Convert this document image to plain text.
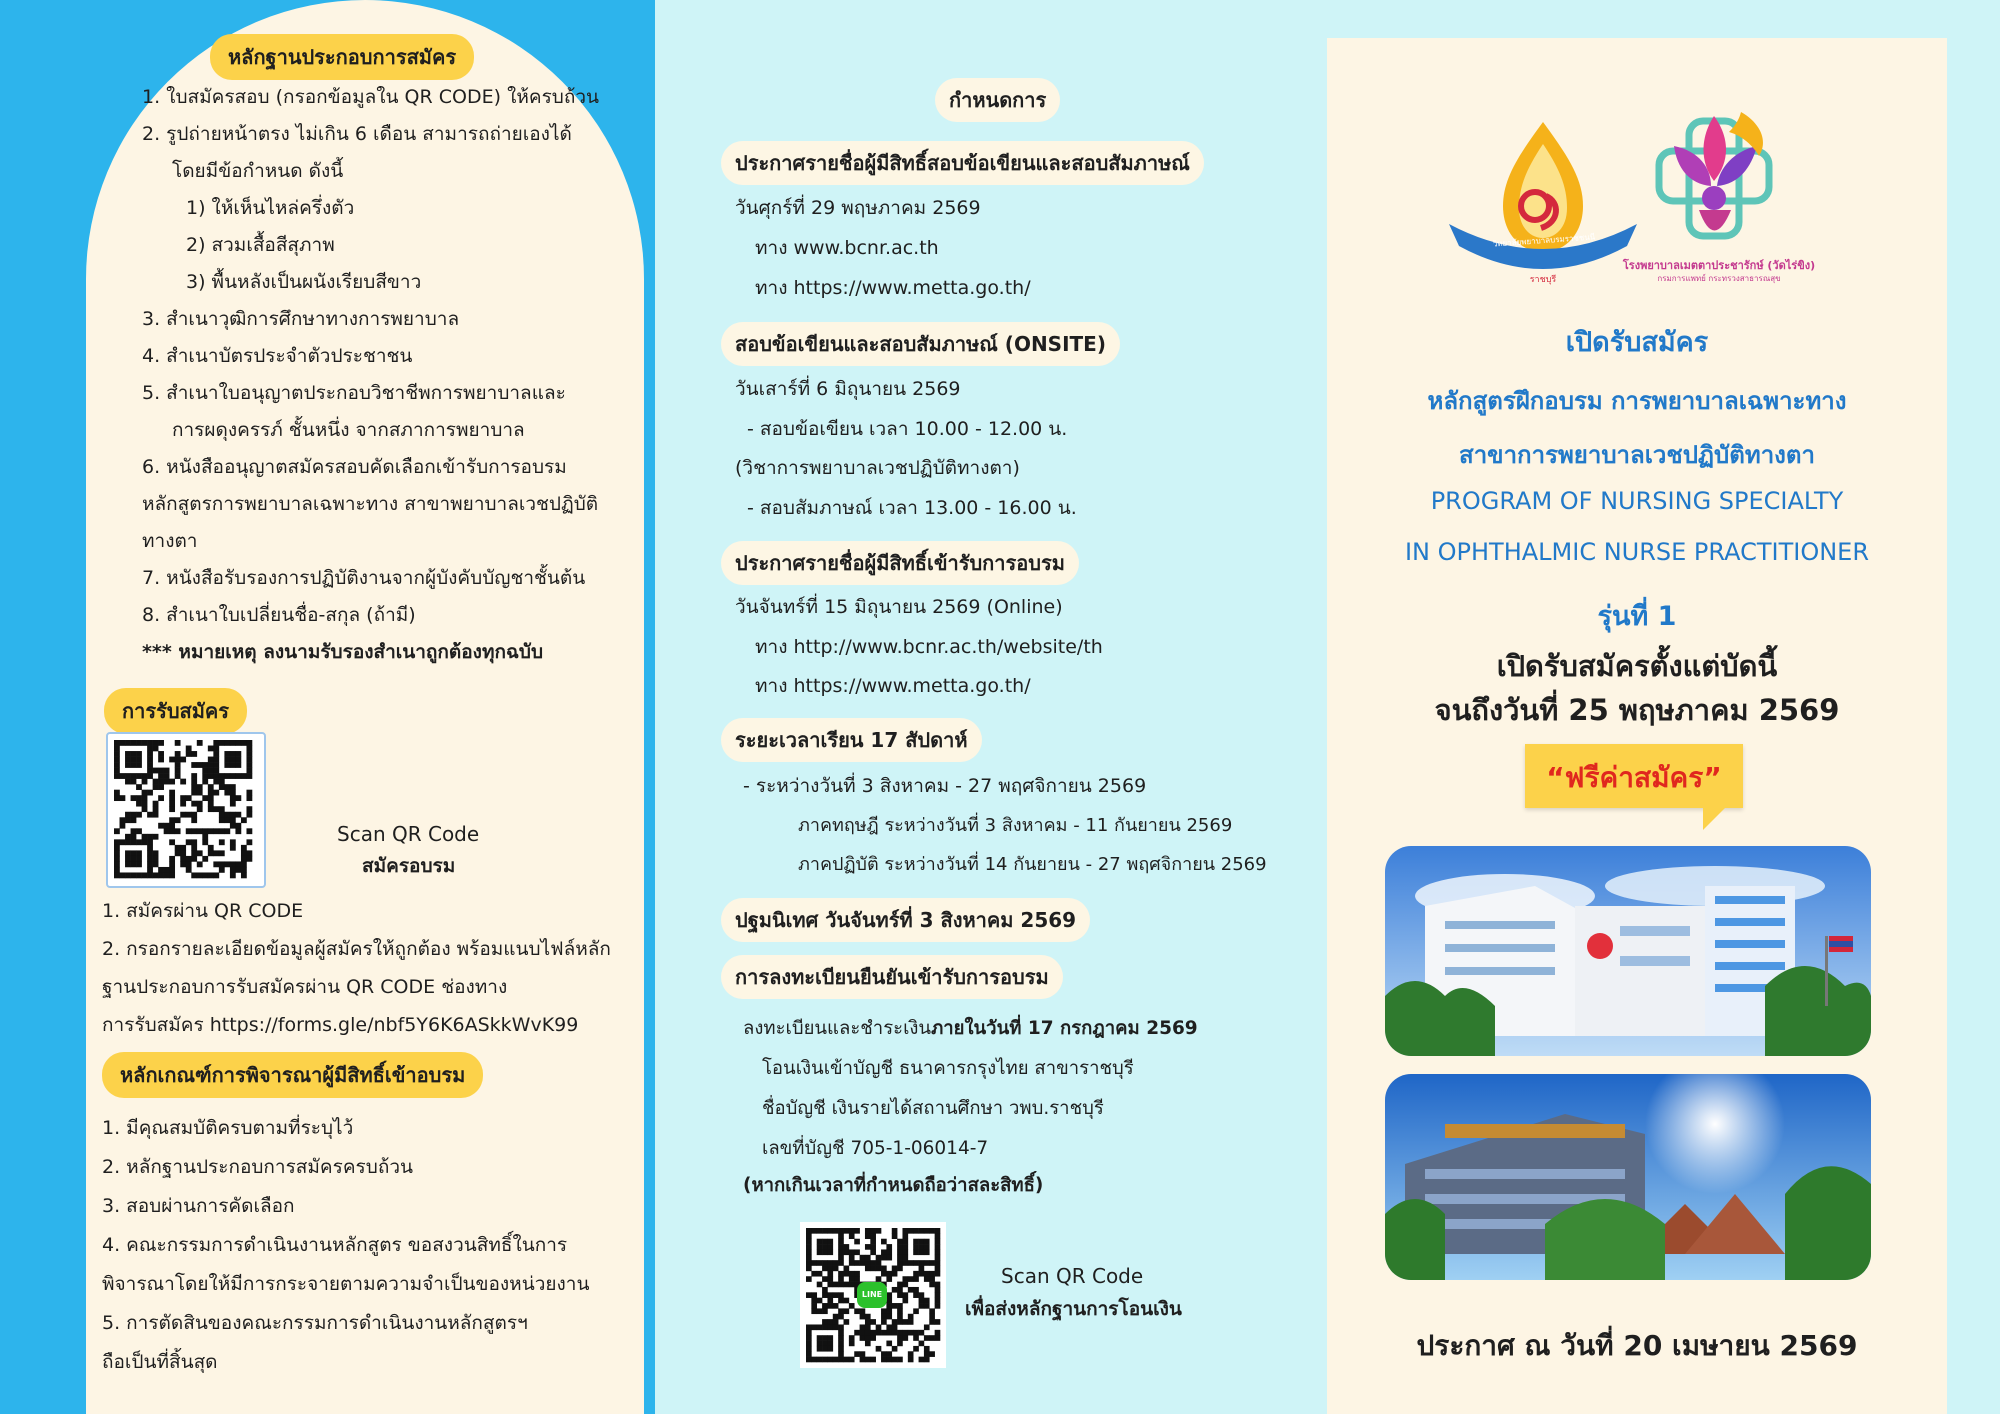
หลักฐานประกอบการสมัคร
1. ใบสมัครสอบ (กรอกข้อมูลใน QR CODE) ให้ครบถ้วน
2. รูปถ่ายหน้าตรง ไม่เกิน 6 เดือน สามารถถ่ายเองได้
โดยมีข้อกำหนด ดังนี้
1) ให้เห็นไหล่ครึ่งตัว
2) สวมเสื้อสีสุภาพ
3) พื้นหลังเป็นผนังเรียบสีขาว
3. สำเนาวุฒิการศึกษาทางการพยาบาล
4. สำเนาบัตรประจำตัวประชาชน
5. สำเนาใบอนุญาตประกอบวิชาชีพการพยาบาลและ
การผดุงครรภ์ ชั้นหนึ่ง จากสภาการพยาบาล
6. หนังสืออนุญาตสมัครสอบคัดเลือกเข้ารับการอบรม
หลักสูตรการพยาบาลเฉพาะทาง สาขาพยาบาลเวชปฏิบัติ
ทางตา
7. หนังสือรับรองการปฏิบัติงานจากผู้บังคับบัญชาชั้นต้น
8. สำเนาใบเปลี่ยนชื่อ-สกุล (ถ้ามี)
*** หมายเหตุ ลงนามรับรองสำเนาถูกต้องทุกฉบับ
การรับสมัคร
Scan QR Code
สมัครอบรม
1. สมัครผ่าน QR CODE
2. กรอกรายละเอียดข้อมูลผู้สมัครให้ถูกต้อง พร้อมแนบไฟล์หลัก
ฐานประกอบการรับสมัครผ่าน QR CODE ช่องทาง
การรับสมัคร https://forms.gle/nbf5Y6K6ASkkWvK99
หลักเกณฑ์การพิจารณาผู้มีสิทธิ์เข้าอบรม
1. มีคุณสมบัติครบตามที่ระบุไว้
2. หลักฐานประกอบการสมัครครบถ้วน
3. สอบผ่านการคัดเลือก
4. คณะกรรมการดำเนินงานหลักสูตร ขอสงวนสิทธิ์ในการ
พิจารณาโดยให้มีการกระจายตามความจำเป็นของหน่วยงาน
5. การตัดสินของคณะกรรมการดำเนินงานหลักสูตรฯ
ถือเป็นที่สิ้นสุด
กำหนดการ
ประกาศรายชื่อผู้มีสิทธิ์สอบข้อเขียนและสอบสัมภาษณ์
วันศุกร์ที่ 29 พฤษภาคม 2569
ทาง www.bcnr.ac.th
ทาง https://www.metta.go.th/
สอบข้อเขียนและสอบสัมภาษณ์ (ONSITE)
วันเสาร์ที่ 6 มิถุนายน 2569
- สอบข้อเขียน เวลา 10.00 - 12.00 น.
(วิชาการพยาบาลเวชปฏิบัติทางตา)
- สอบสัมภาษณ์ เวลา 13.00 - 16.00 น.
ประกาศรายชื่อผู้มีสิทธิ์เข้ารับการอบรม
วันจันทร์ที่ 15 มิถุนายน 2569 (Online)
ทาง http://www.bcnr.ac.th/website/th
ทาง https://www.metta.go.th/
ระยะเวลาเรียน 17 สัปดาห์
- ระหว่างวันที่ 3 สิงหาคม - 27 พฤศจิกายน 2569
ภาคทฤษฎี ระหว่างวันที่ 3 สิงหาคม - 11 กันยายน 2569
ภาคปฏิบัติ ระหว่างวันที่ 14 กันยายน - 27 พฤศจิกายน 2569
ปฐมนิเทศ วันจันทร์ที่ 3 สิงหาคม 2569
การลงทะเบียนยืนยันเข้ารับการอบรม
ลงทะเบียนและชำระเงินภายในวันที่ 17 กรกฎาคม 2569
โอนเงินเข้าบัญชี ธนาคารกรุงไทย สาขาราชบุรี
ชื่อบัญชี เงินรายได้สถานศึกษา วพบ.ราชบุรี
เลขที่บัญชี 705-1-06014-7
(หากเกินเวลาที่กำหนดถือว่าสละสิทธิ์)
LINE
Scan QR Code
เพื่อส่งหลักฐานการโอนเงิน
วิทยาลัยพยาบาลบรมราชชนนี
ราชบุรี
โรงพยาบาลเมตตาประชารักษ์ (วัดไร่ขิง)
กรมการแพทย์ กระทรวงสาธารณสุข
เปิดรับสมัคร
หลักสูตรฝึกอบรม การพยาบาลเฉพาะทาง
สาขาการพยาบาลเวชปฏิบัติทางตา
PROGRAM OF NURSING SPECIALTY
IN OPHTHALMIC NURSE PRACTITIONER
รุ่นที่ 1
เปิดรับสมัครตั้งแต่บัดนี้
จนถึงวันที่ 25 พฤษภาคม 2569
“ฟรีค่าสมัคร”
ประกาศ ณ วันที่ 20 เมษายน 2569
